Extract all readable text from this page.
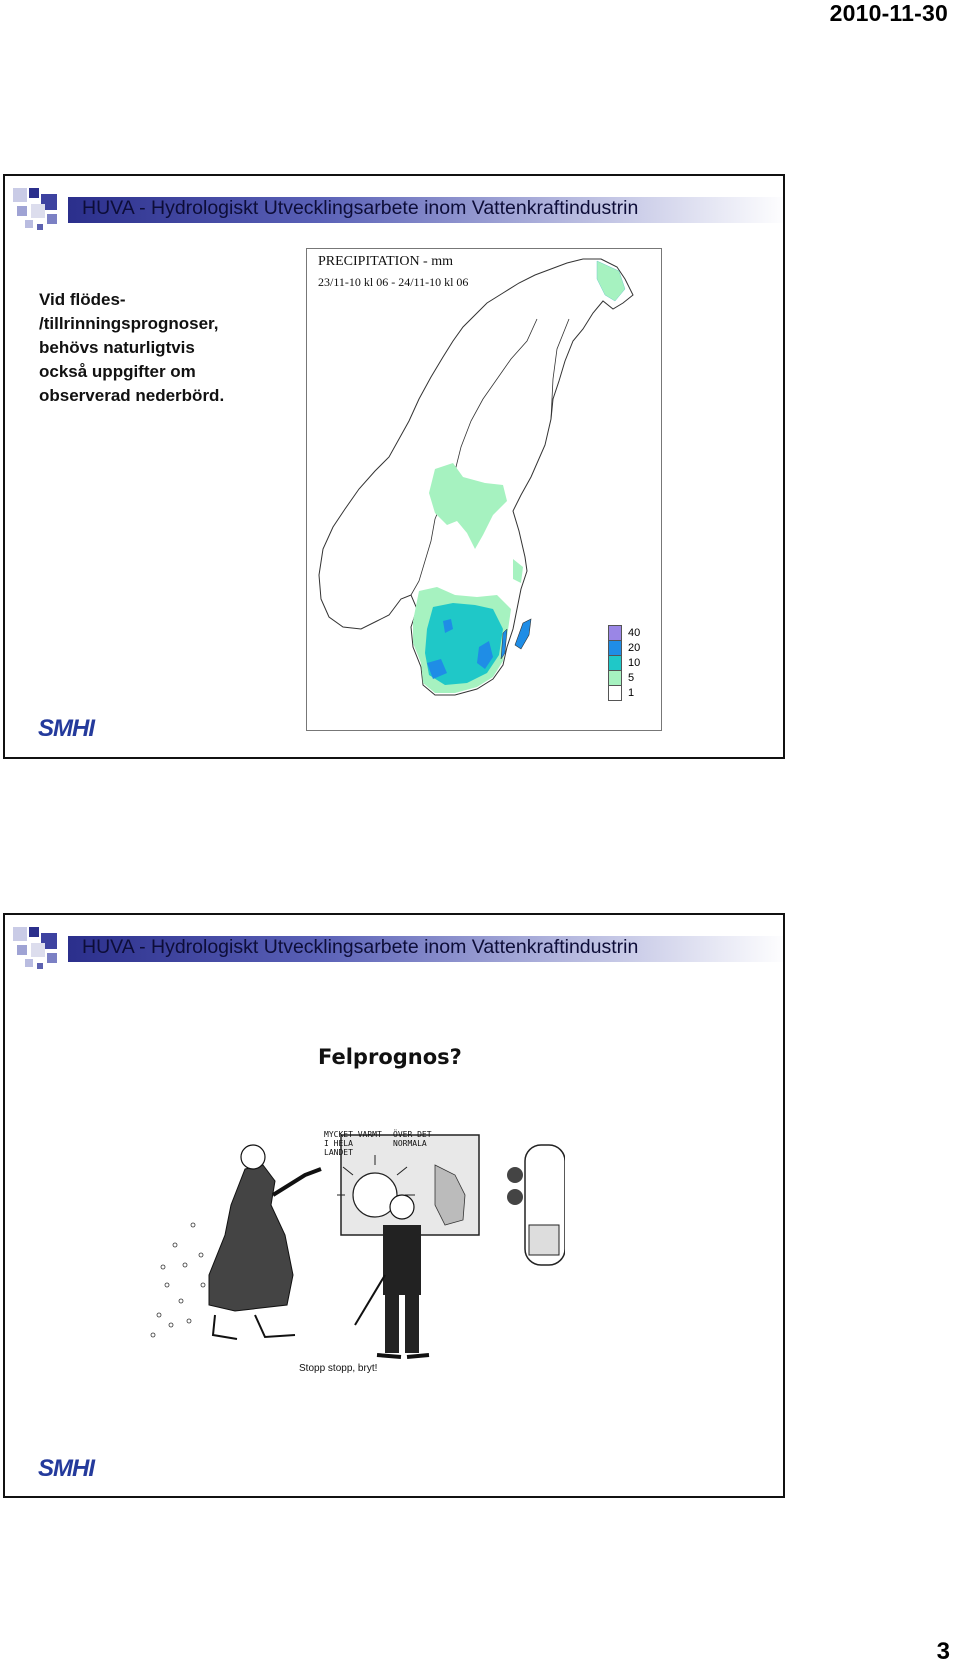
2010-11-30
HUVA - Hydrologiskt Utvecklingsarbete inom Vattenkraftindustrin
Vid flödes-
/tillrinningsprognoser,
behövs naturligtvis
också uppgifter om
observerad nederbörd.
PRECIPITATION - mm
23/11-10 kl 06 - 24/11-10 kl 06
40
20
10
5
1
SMHI
HUVA - Hydrologiskt Utvecklingsarbete inom Vattenkraftindustrin
Felprognos?
MYCKET VARMT
I HELA
LANDET
ÖVER DET
NORMALA
Stopp stopp, bryt!
SMHI
3
